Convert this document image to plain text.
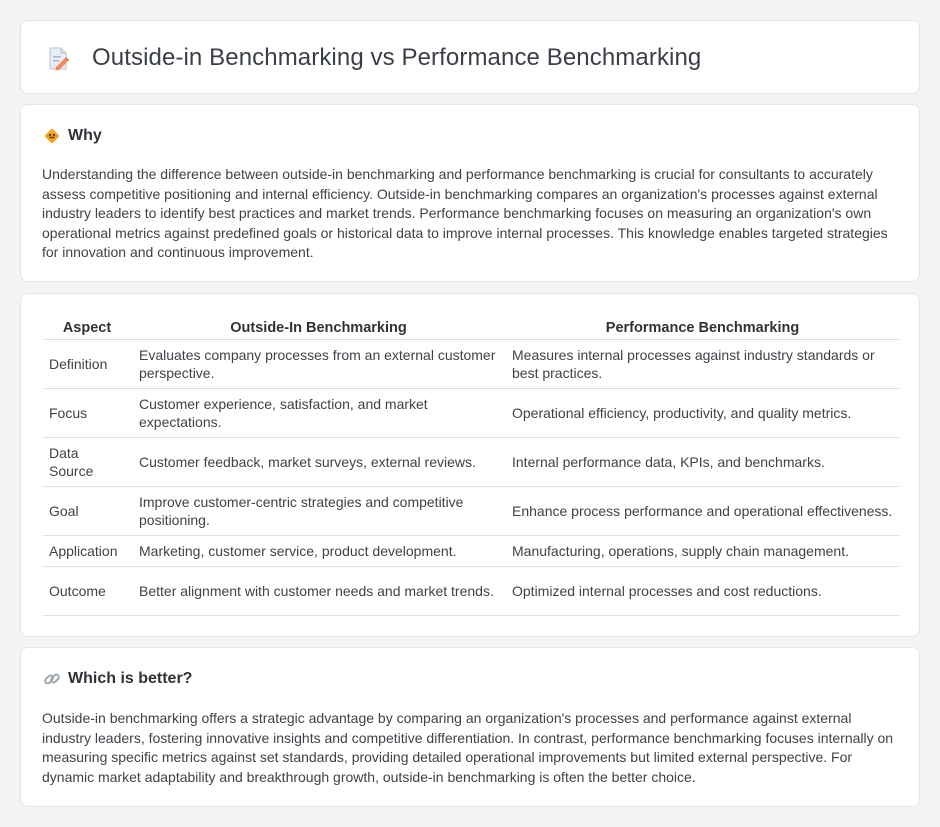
Outside-in Benchmarking vs Performance Benchmarking
Why

Understanding the difference between outside-in benchmarking and performance benchmarking is crucial for consultants to accurately assess competitive positioning and internal efficiency. Outside-in benchmarking compares an organization's processes against external industry leaders to identify best practices and market trends. Performance benchmarking focuses on measuring an organization's own operational metrics against predefined goals or historical data to improve internal processes. This knowledge enables targeted strategies for innovation and continuous improvement.

Aspect	Outside-In Benchmarking	Performance Benchmarking
Definition	Evaluates company processes from an external customer perspective.	Measures internal processes against industry standards or best practices.
Focus	Customer experience, satisfaction, and market expectations.	Operational efficiency, productivity, and quality metrics.
Data Source	Customer feedback, market surveys, external reviews.	Internal performance data, KPIs, and benchmarks.
Goal	Improve customer-centric strategies and competitive positioning.	Enhance process performance and operational effectiveness.
Application	Marketing, customer service, product development.	Manufacturing, operations, supply chain management.
Outcome	Better alignment with customer needs and market trends.	Optimized internal processes and cost reductions.
Which is better?

Outside-in benchmarking offers a strategic advantage by comparing an organization's processes and performance against external industry leaders, fostering innovative insights and competitive differentiation. In contrast, performance benchmarking focuses internally on measuring specific metrics against set standards, providing detailed operational improvements but limited external perspective. For dynamic market adaptability and breakthrough growth, outside-in benchmarking is often the better choice.
